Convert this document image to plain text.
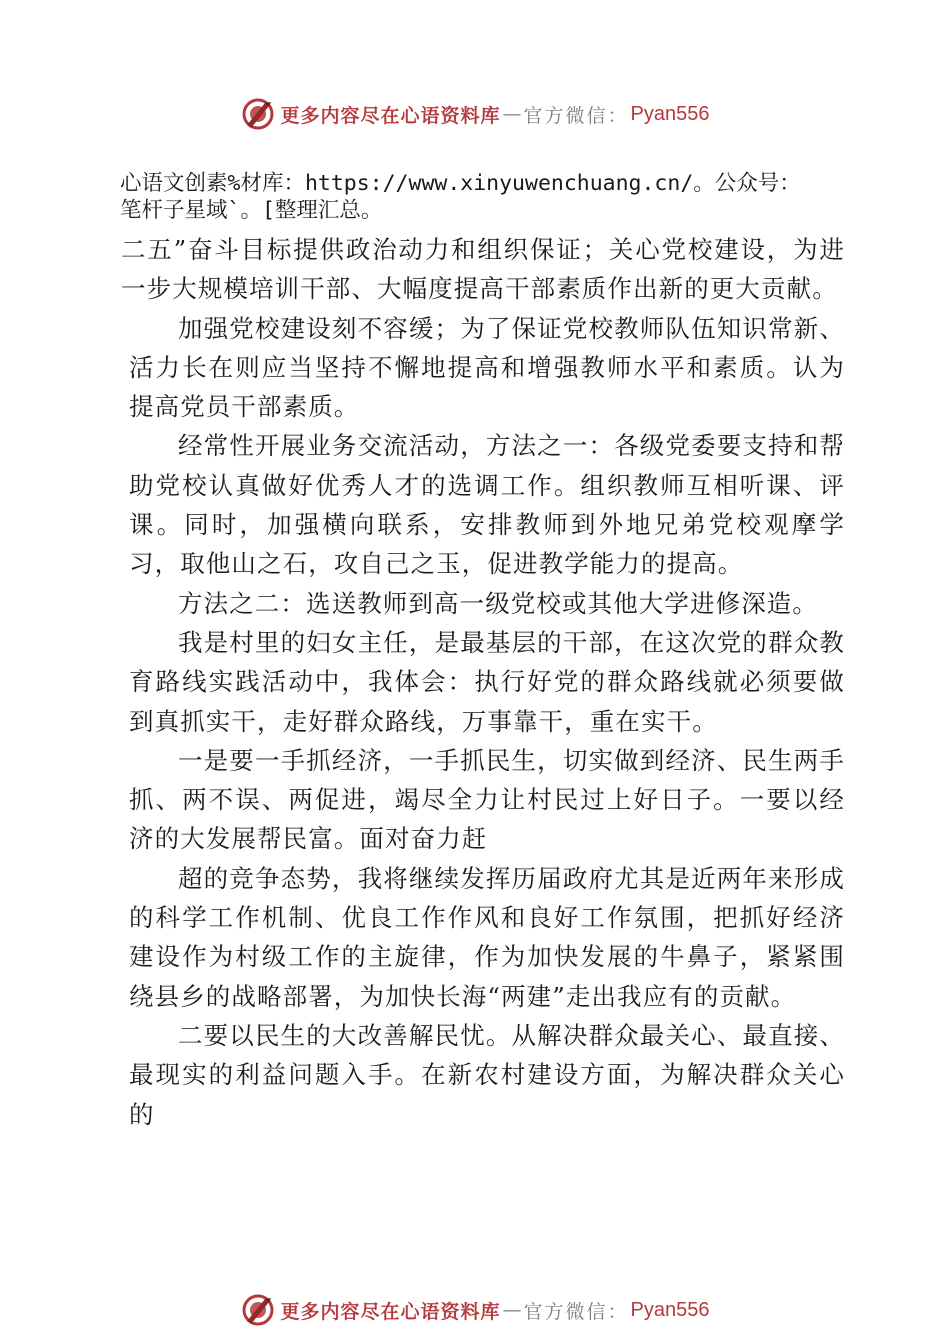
更多内容尽在心语资料库 — 官方微信： Pyan556
心语文创素%材库：https://www.xinyuwenchuang.cn/。公众号：
笔杆子星域`。[整理汇总。

二五”奋斗目标提供政治动力和组织保证；关心党校建设，为进一步大规模培训干部、大幅度提高干部素质作出新的更大贡献。

加强党校建设刻不容缓；为了保证党校教师队伍知识常新、活力长在则应当坚持不懈地提高和增强教师水平和素质。认为提高党员干部素质。

经常性开展业务交流活动，方法之一：各级党委要支持和帮助党校认真做好优秀人才的选调工作。组织教师互相听课、评课。同时，加强横向联系，安排教师到外地兄弟党校观摩学习，取他山之石，攻自己之玉，促进教学能力的提高。

方法之二：选送教师到高一级党校或其他大学进修深造。

我是村里的妇女主任，是最基层的干部，在这次党的群众教育路线实践活动中，我体会：执行好党的群众路线就必须要做到真抓实干，走好群众路线，万事靠干，重在实干。

一是要一手抓经济，一手抓民生，切实做到经济、民生两手抓、两不误、两促进，竭尽全力让村民过上好日子。一要以经济的大发展帮民富。面对奋力赶

超的竞争态势，我将继续发挥历届政府尤其是近两年来形成的科学工作机制、优良工作作风和良好工作氛围，把抓好经济建设作为村级工作的主旋律，作为加快发展的牛鼻子，紧紧围绕县乡的战略部署，为加快长海“两建”走出我应有的贡献。

二要以民生的大改善解民忧。从解决群众最关心、最直接、最现实的利益问题入手。在新农村建设方面，为解决群众关心的

更多内容尽在心语资料库 — 官方微信： Pyan556
